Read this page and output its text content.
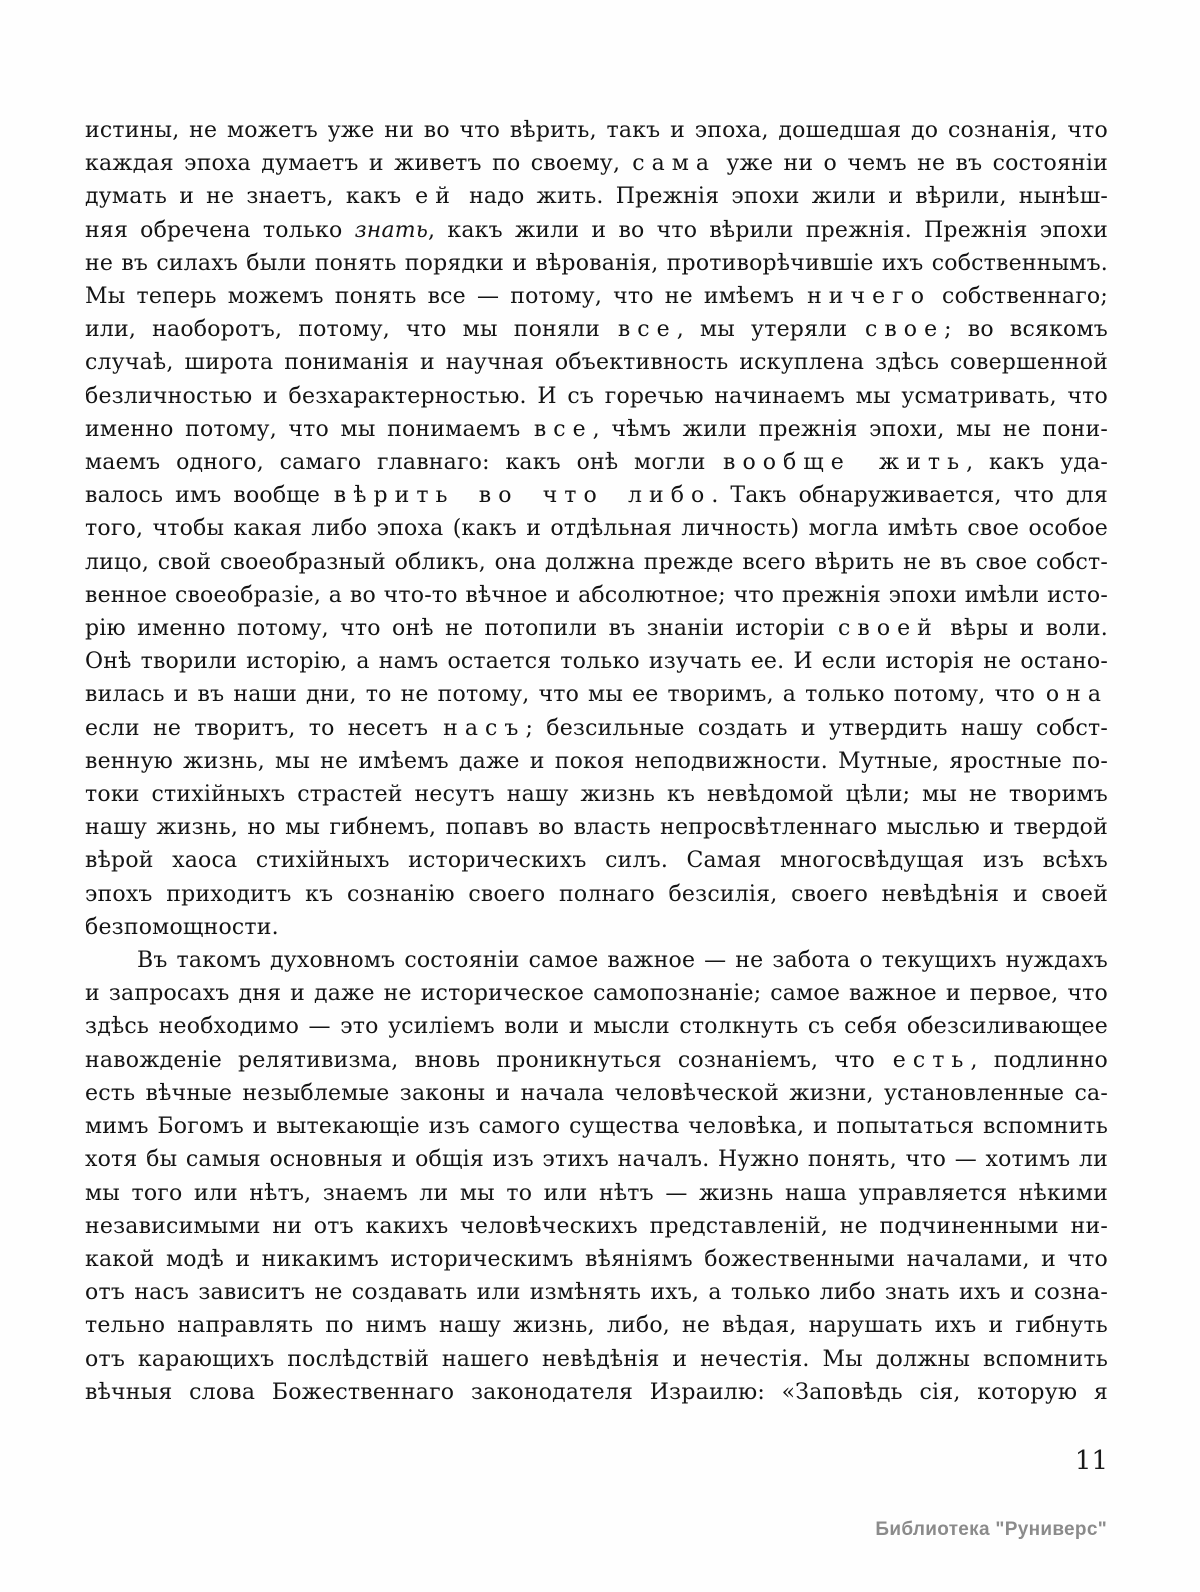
истины, не можетъ уже ни во что вѣрить, такъ и эпоха, дошедшая до сознанія, что
каждая эпоха думаетъ и живетъ по своему, сама уже ни о чемъ не въ состояніи
думать и не знаетъ, какъ ей надо жить. Прежнія эпохи жили и вѣрили, нынѣш-
няя обречена только знать, какъ жили и во что вѣрили прежнія. Прежнія эпохи
не въ силахъ были понять порядки и вѣрованія, противорѣчившіе ихъ собственнымъ.
Мы теперь можемъ понять все — потому, что не имѣемъ ничего собственнаго;
или, наоборотъ, потому, что мы поняли все, мы утеряли свое; во всякомъ
случаѣ, широта пониманія и научная объективность искуплена здѣсь совершенной
безличностью и безхарактерностью. И съ горечью начинаемъ мы усматривать, что
именно потому, что мы понимаемъ все, чѣмъ жили прежнія эпохи, мы не пони-
маемъ одного, самаго главнаго: какъ онѣ могли вообще жить, какъ уда-
валось имъ вообще вѣрить во что либо. Такъ обнаруживается, что для
того, чтобы какая либо эпоха (какъ и отдѣльная личность) могла имѣть свое особое
лицо, свой своеобразный обликъ, она должна прежде всего вѣрить не въ свое собст-
венное своеобразіе, а во что-то вѣчное и абсолютное; что прежнія эпохи имѣли исто-
рію именно потому, что онѣ не потопили въ знаніи исторіи своей вѣры и воли.
Онѣ творили исторію, а намъ остается только изучать ее. И если исторія не остано-
вилась и въ наши дни, то не потому, что мы ее творимъ, а только потому, что она
если не творитъ, то несетъ насъ; безсильные создать и утвердить нашу собст-
венную жизнь, мы не имѣемъ даже и покоя неподвижности. Мутные, яростные по-
токи стихійныхъ страстей несутъ нашу жизнь къ невѣдомой цѣли; мы не творимъ
нашу жизнь, но мы гибнемъ, попавъ во власть непросвѣтленнаго мыслью и твердой
вѣрой хаоса стихійныхъ историческихъ силъ. Самая многосвѣдущая изъ всѣхъ
эпохъ приходитъ къ сознанію своего полнаго безсилія, своего невѣдѣнія и своей
безпомощности.
Въ такомъ духовномъ состояніи самое важное — не забота о текущихъ нуждахъ
и запросахъ дня и даже не историческое самопознаніе; самое важное и первое, что
здѣсь необходимо — это усиліемъ воли и мысли столкнуть съ себя обезсиливающее
навожденіе релятивизма, вновь проникнуться сознаніемъ, что есть, подлинно
есть вѣчные незыблемые законы и начала человѣческой жизни, установленные са-
мимъ Богомъ и вытекающіе изъ самого существа человѣка, и попытаться вспомнить
хотя бы самыя основныя и общія изъ этихъ началъ. Нужно понять, что — хотимъ ли
мы того или нѣтъ, знаемъ ли мы то или нѣтъ — жизнь наша управляется нѣкими
независимыми ни отъ какихъ человѣческихъ представленій, не подчиненными ни-
какой модѣ и никакимъ историческимъ вѣяніямъ божественными началами, и что
отъ насъ зависитъ не создавать или измѣнять ихъ, а только либо знать ихъ и созна-
тельно направлять по нимъ нашу жизнь, либо, не вѣдая, нарушать ихъ и гибнуть
отъ карающихъ послѣдствій нашего невѣдѣнія и нечестія. Мы должны вспомнить
вѣчныя слова Божественнаго законодателя Израилю: «Заповѣдь сія, которую я
11
Библиотека "Руниверс"
